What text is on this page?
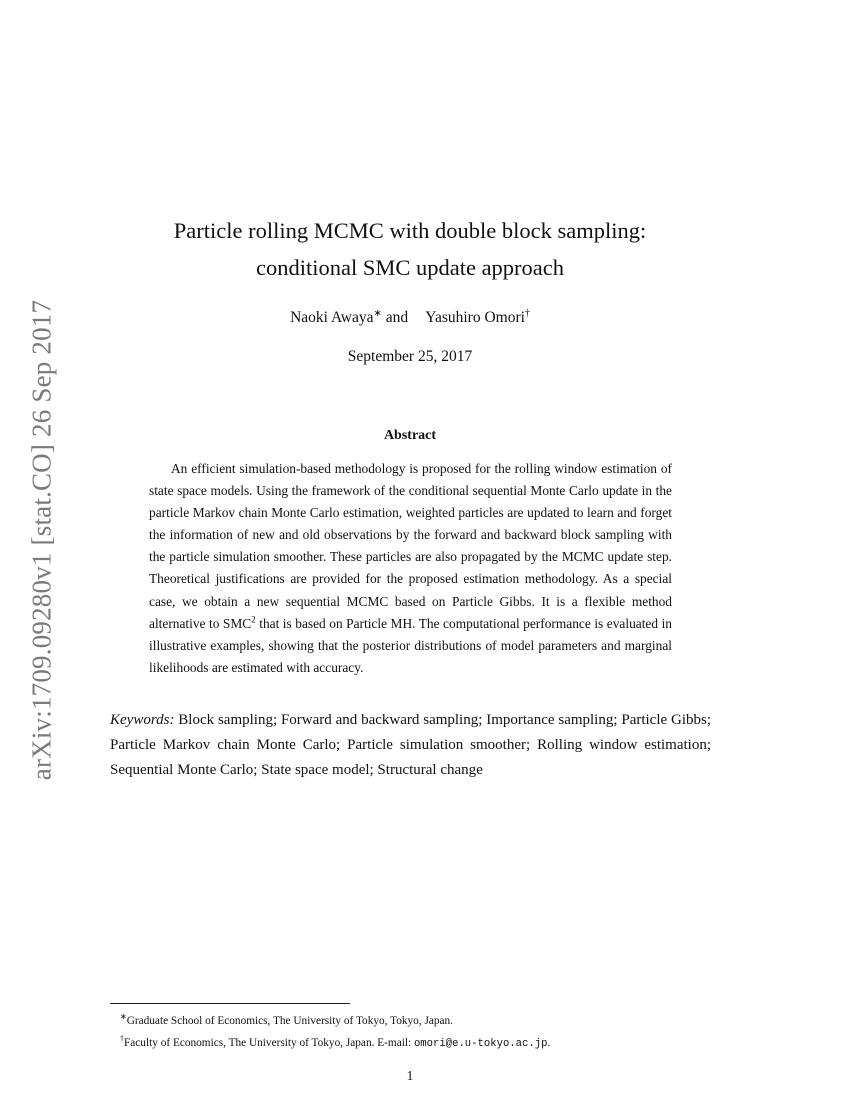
arXiv:1709.09280v1 [stat.CO] 26 Sep 2017
Particle rolling MCMC with double block sampling:
conditional SMC update approach
Naoki Awaya∗ and Yasuhiro Omori†
September 25, 2017
Abstract
An efficient simulation-based methodology is proposed for the rolling window estimation of state space models. Using the framework of the conditional sequential Monte Carlo update in the particle Markov chain Monte Carlo estimation, weighted particles are updated to learn and forget the information of new and old observations by the forward and backward block sampling with the particle simulation smoother. These particles are also propagated by the MCMC update step. Theoretical justifications are provided for the proposed estimation methodology. As a special case, we obtain a new sequential MCMC based on Particle Gibbs. It is a flexible method alternative to SMC$^2$ that is based on Particle MH. The computational performance is evaluated in illustrative examples, showing that the posterior distributions of model parameters and marginal likelihoods are estimated with accuracy.
Keywords: Block sampling; Forward and backward sampling; Importance sampling; Particle Gibbs; Particle Markov chain Monte Carlo; Particle simulation smoother; Rolling window estimation; Sequential Monte Carlo; State space model; Structural change
∗Graduate School of Economics, The University of Tokyo, Tokyo, Japan.
†Faculty of Economics, The University of Tokyo, Japan. E-mail: omori@e.u-tokyo.ac.jp.
1
